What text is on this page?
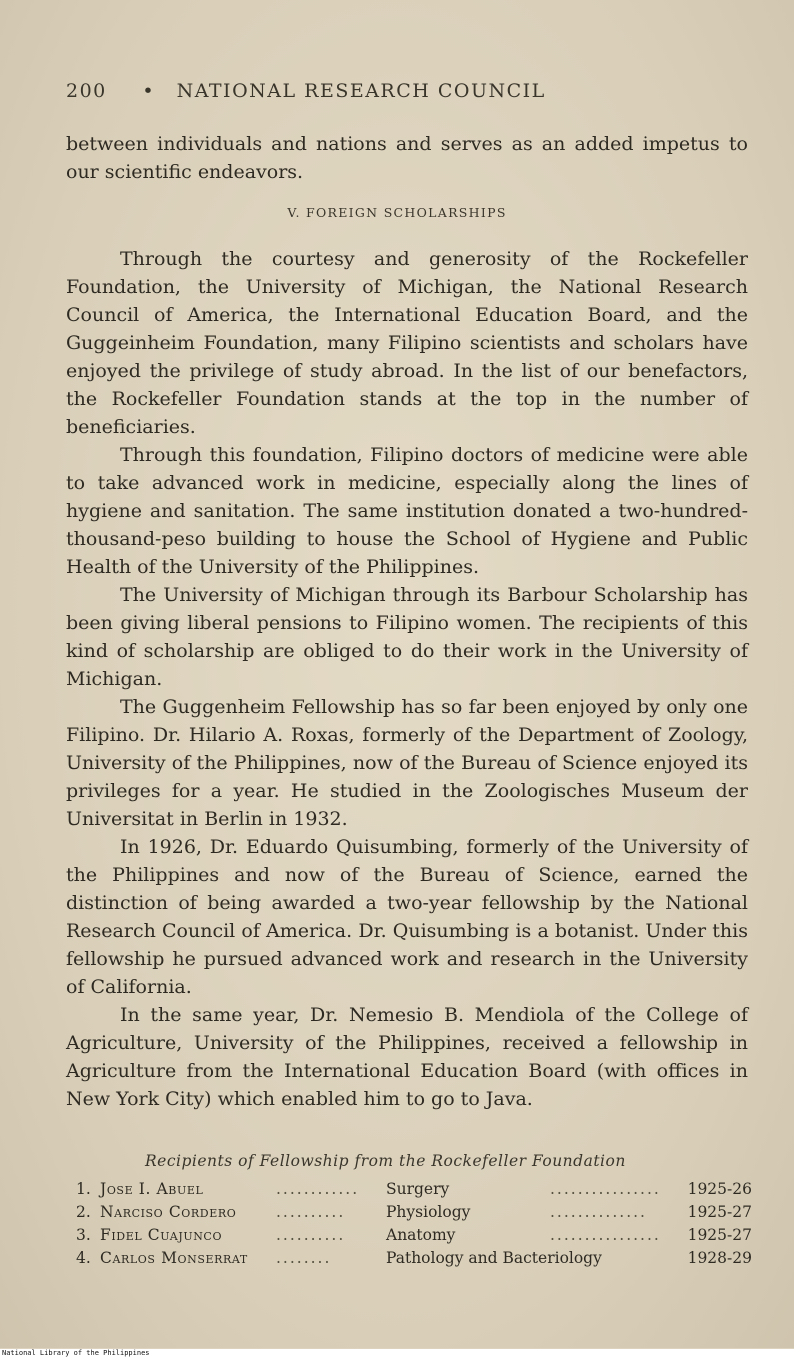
200 • NATIONAL RESEARCH COUNCIL

between individuals and nations and serves as an added impetus to our scientific endeavors.

V. FOREIGN SCHOLARSHIPS

Through the courtesy and generosity of the Rockefeller Foundation, the University of Michigan, the National Research Council of America, the International Education Board, and the Guggeinheim Foundation, many Filipino scientists and scholars have enjoyed the privilege of study abroad. In the list of our benefactors, the Rockefeller Foundation stands at the top in the number of beneficiaries.

Through this foundation, Filipino doctors of medicine were able to take advanced work in medicine, especially along the lines of hygiene and sanitation. The same institution donated a two-hundred-thousand-peso building to house the School of Hygiene and Public Health of the University of the Philippines.

The University of Michigan through its Barbour Scholarship has been giving liberal pensions to Filipino women. The recipients of this kind of scholarship are obliged to do their work in the University of Michigan.

The Guggenheim Fellowship has so far been enjoyed by only one Filipino. Dr. Hilario A. Roxas, formerly of the Department of Zoology, University of the Philippines, now of the Bureau of Science enjoyed its privileges for a year. He studied in the Zoologisches Museum der Universitat in Berlin in 1932.

In 1926, Dr. Eduardo Quisumbing, formerly of the University of the Philippines and now of the Bureau of Science, earned the distinction of being awarded a two-year fellowship by the National Research Council of America. Dr. Quisumbing is a botanist. Under this fellowship he pursued advanced work and research in the University of California.

In the same year, Dr. Nemesio B. Mendiola of the College of Agriculture, University of the Philippines, received a fellowship in Agriculture from the International Education Board (with offices in New York City) which enabled him to go to Java.

Recipients of Fellowship from the Rockefeller Foundation
1. Jose I. Abuel	............ Surgery	................ 1925-26
2. Narciso Cordero	..........	Physiology	..............	1925-27
3. Fidel Cuajunco	..........	Anatomy	................ 1925-27
4. Carlos Monserrat ........	Pathology and Bacteriology	1928-29
National Library of the Philippines
